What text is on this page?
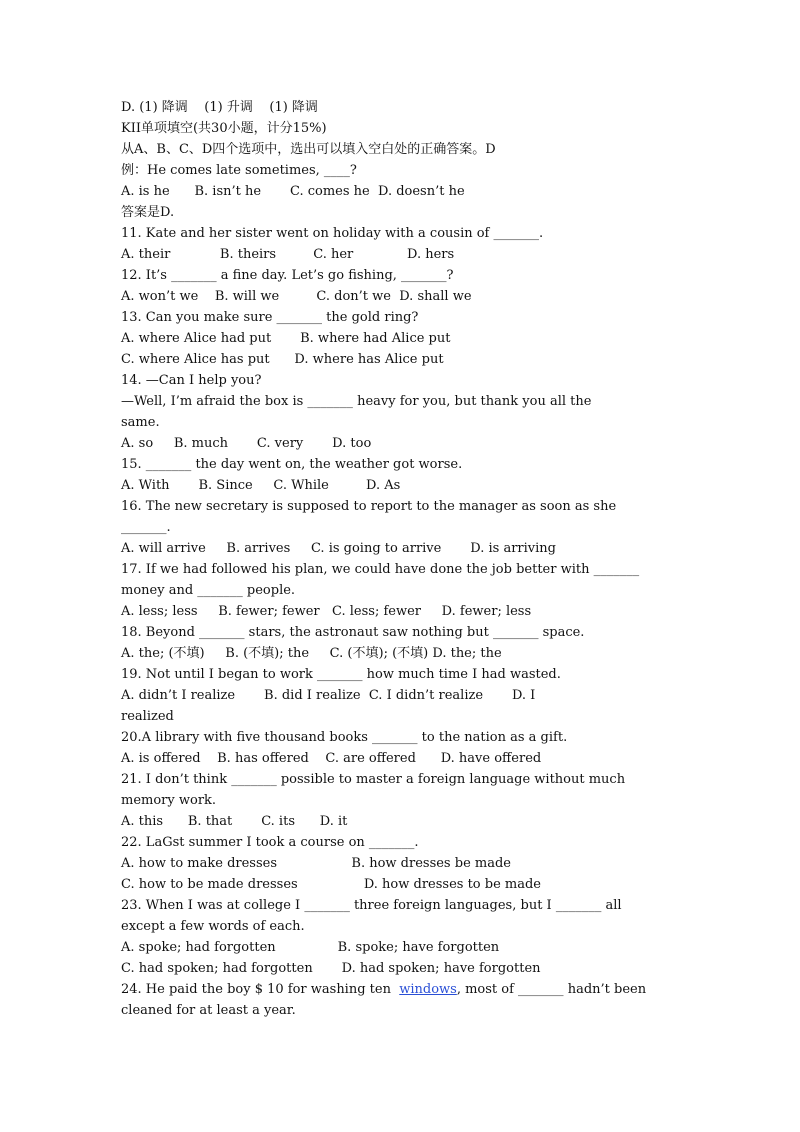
D. (1) 降调    (1) 升调    (1) 降调
KII单项填空(共30小题，计分15%)
从A、B、C、D四个选项中，选出可以填入空白处的正确答案。D
例：He comes late sometimes, ____?
A. is he      B. isn’t he       C. comes he  D. doesn’t he
答案是D.
11. Kate and her sister went on holiday with a cousin of _______.
A. their            B. theirs         C. her             D. hers
12. It’s _______ a fine day. Let’s go fishing, _______?
A. won’t we    B. will we         C. don’t we  D. shall we
13. Can you make sure _______ the gold ring?
A. where Alice had put       B. where had Alice put
C. where Alice has put      D. where has Alice put
14. —Can I help you?
—Well, I’m afraid the box is _______ heavy for you, but thank you all the
same.
A. so     B. much       C. very       D. too
15. _______ the day went on, the weather got worse.
A. With       B. Since     C. While         D. As
16. The new secretary is supposed to report to the manager as soon as she
_______.
A. will arrive     B. arrives     C. is going to arrive       D. is arriving
17. If we had followed his plan, we could have done the job better with _______
money and _______ people.
A. less; less     B. fewer; fewer   C. less; fewer     D. fewer; less
18. Beyond _______ stars, the astronaut saw nothing but _______ space.
A. the; (不填)     B. (不填); the     C. (不填); (不填) D. the; the
19. Not until I began to work _______ how much time I had wasted.
A. didn’t I realize       B. did I realize  C. I didn’t realize       D. I
realized
20.A library with five thousand books _______ to the nation as a gift.
A. is offered    B. has offered    C. are offered      D. have offered
21. I don’t think _______ possible to master a foreign language without much
memory work.
A. this      B. that       C. its      D. it
22. LaGst summer I took a course on _______.
A. how to make dresses                  B. how dresses be made
C. how to be made dresses                D. how dresses to be made
23. When I was at college I _______ three foreign languages, but I _______ all
except a few words of each.
A. spoke; had forgotten               B. spoke; have forgotten
C. had spoken; had forgotten       D. had spoken; have forgotten
24. He paid the boy $ 10 for washing ten  windows, most of _______ hadn’t been
cleaned for at least a year.
